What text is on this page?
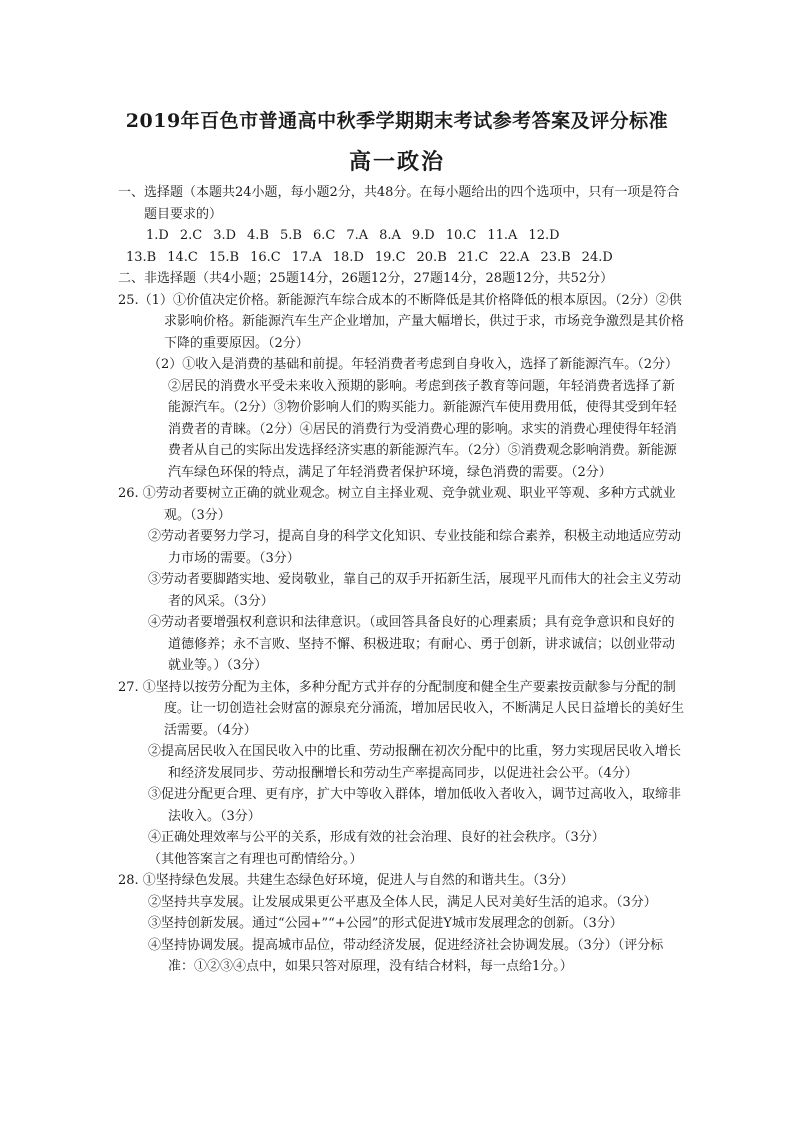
2019年百色市普通高中秋季学期期末考试参考答案及评分标准
高一政治

一、选择题（本题共24小题，每小题2分，共48分。在每小题给出的四个选项中，只有一项是符合题目要求的）

1.D 2.C 3.D 4.B 5.B 6.C 7.A 8.A 9.D 10.C 11.A 12.D
13.B 14.C 15.B 16.C 17.A 18.D 19.C 20.B 21.C 22.A 23.B 24.D

二、非选择题（共4小题；25题14分，26题12分，27题14分，28题12分，共52分）

25.（1）①价值决定价格。新能源汽车综合成本的不断降低是其价格降低的根本原因。（2分）②供求影响价格。新能源汽车生产企业增加，产量大幅增长，供过于求，市场竞争激烈是其价格下降的重要原因。（2分）

（2）①收入是消费的基础和前提。年轻消费者考虑到自身收入，选择了新能源汽车。（2分）②居民的消费水平受未来收入预期的影响。考虑到孩子教育等问题，年轻消费者选择了新能源汽车。（2分）③物价影响人们的购买能力。新能源汽车使用费用低，使得其受到年轻消费者的青睐。（2分）④居民的消费行为受消费心理的影响。求实的消费心理使得年轻消费者从自己的实际出发选择经济实惠的新能源汽车。（2分）⑤消费观念影响消费。新能源汽车绿色环保的特点，满足了年轻消费者保护环境，绿色消费的需要。（2分）

26. ①劳动者要树立正确的就业观念。树立自主择业观、竞争就业观、职业平等观、多种方式就业观。（3分）

②劳动者要努力学习，提高自身的科学文化知识、专业技能和综合素养，积极主动地适应劳动力市场的需要。（3分）

③劳动者要脚踏实地、爱岗敬业，靠自己的双手开拓新生活，展现平凡而伟大的社会主义劳动者的风采。（3分）

④劳动者要增强权利意识和法律意识。（或回答具备良好的心理素质；具有竞争意识和良好的道德修养；永不言败、坚持不懈、积极进取；有耐心、勇于创新，讲求诚信；以创业带动就业等。）（3分）

27. ①坚持以按劳分配为主体，多种分配方式并存的分配制度和健全生产要素按贡献参与分配的制度。让一切创造社会财富的源泉充分涌流，增加居民收入，不断满足人民日益增长的美好生活需要。（4分）

②提高居民收入在国民收入中的比重、劳动报酬在初次分配中的比重，努力实现居民收入增长和经济发展同步、劳动报酬增长和劳动生产率提高同步，以促进社会公平。（4分）

③促进分配更合理、更有序，扩大中等收入群体，增加低收入者收入，调节过高收入，取缔非法收入。（3分）

④正确处理效率与公平的关系，形成有效的社会治理、良好的社会秩序。（3分）

（其他答案言之有理也可酌情给分。）

28. ①坚持绿色发展。共建生态绿色好环境，促进人与自然的和谐共生。（3分）

②坚持共享发展。让发展成果更公平惠及全体人民，满足人民对美好生活的追求。（3分）

③坚持创新发展。通过“公园+”“+公园”的形式促进Y城市发展理念的创新。（3分）

④坚持协调发展。提高城市品位，带动经济发展，促进经济社会协调发展。（3分）（评分标准：①②③④点中，如果只答对原理，没有结合材料，每一点给1分。）
